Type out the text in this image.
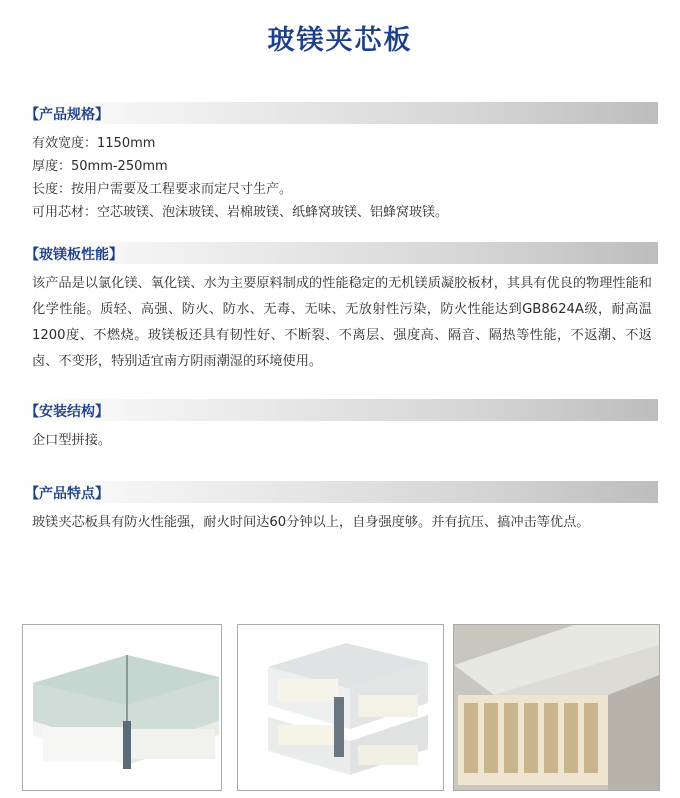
玻镁夹芯板
【产品规格】
有效宽度：1150mm
厚度：50mm-250mm
长度：按用户需要及工程要求而定尺寸生产。
可用芯材：空芯玻镁、泡沫玻镁、岩棉玻镁、纸蜂窝玻镁、铝蜂窝玻镁。
【玻镁板性能】
该产品是以氯化镁、氧化镁、水为主要原料制成的性能稳定的无机镁质凝胶板材，其具有优良的物理性能和化学性能。质轻、高强、防火、防水、无毒、无味、无放射性污染，防火性能达到GB8624A级，耐高温1200度、不燃烧。玻镁板还具有韧性好、不断裂、不离层、强度高、隔音、隔热等性能，不返潮、不返卤、不变形，特别适宜南方阴雨潮湿的环境使用。
【安装结构】
企口型拼接。
【产品特点】
玻镁夹芯板具有防火性能强，耐火时间达60分钟以上，自身强度够。并有抗压、搞冲击等优点。
